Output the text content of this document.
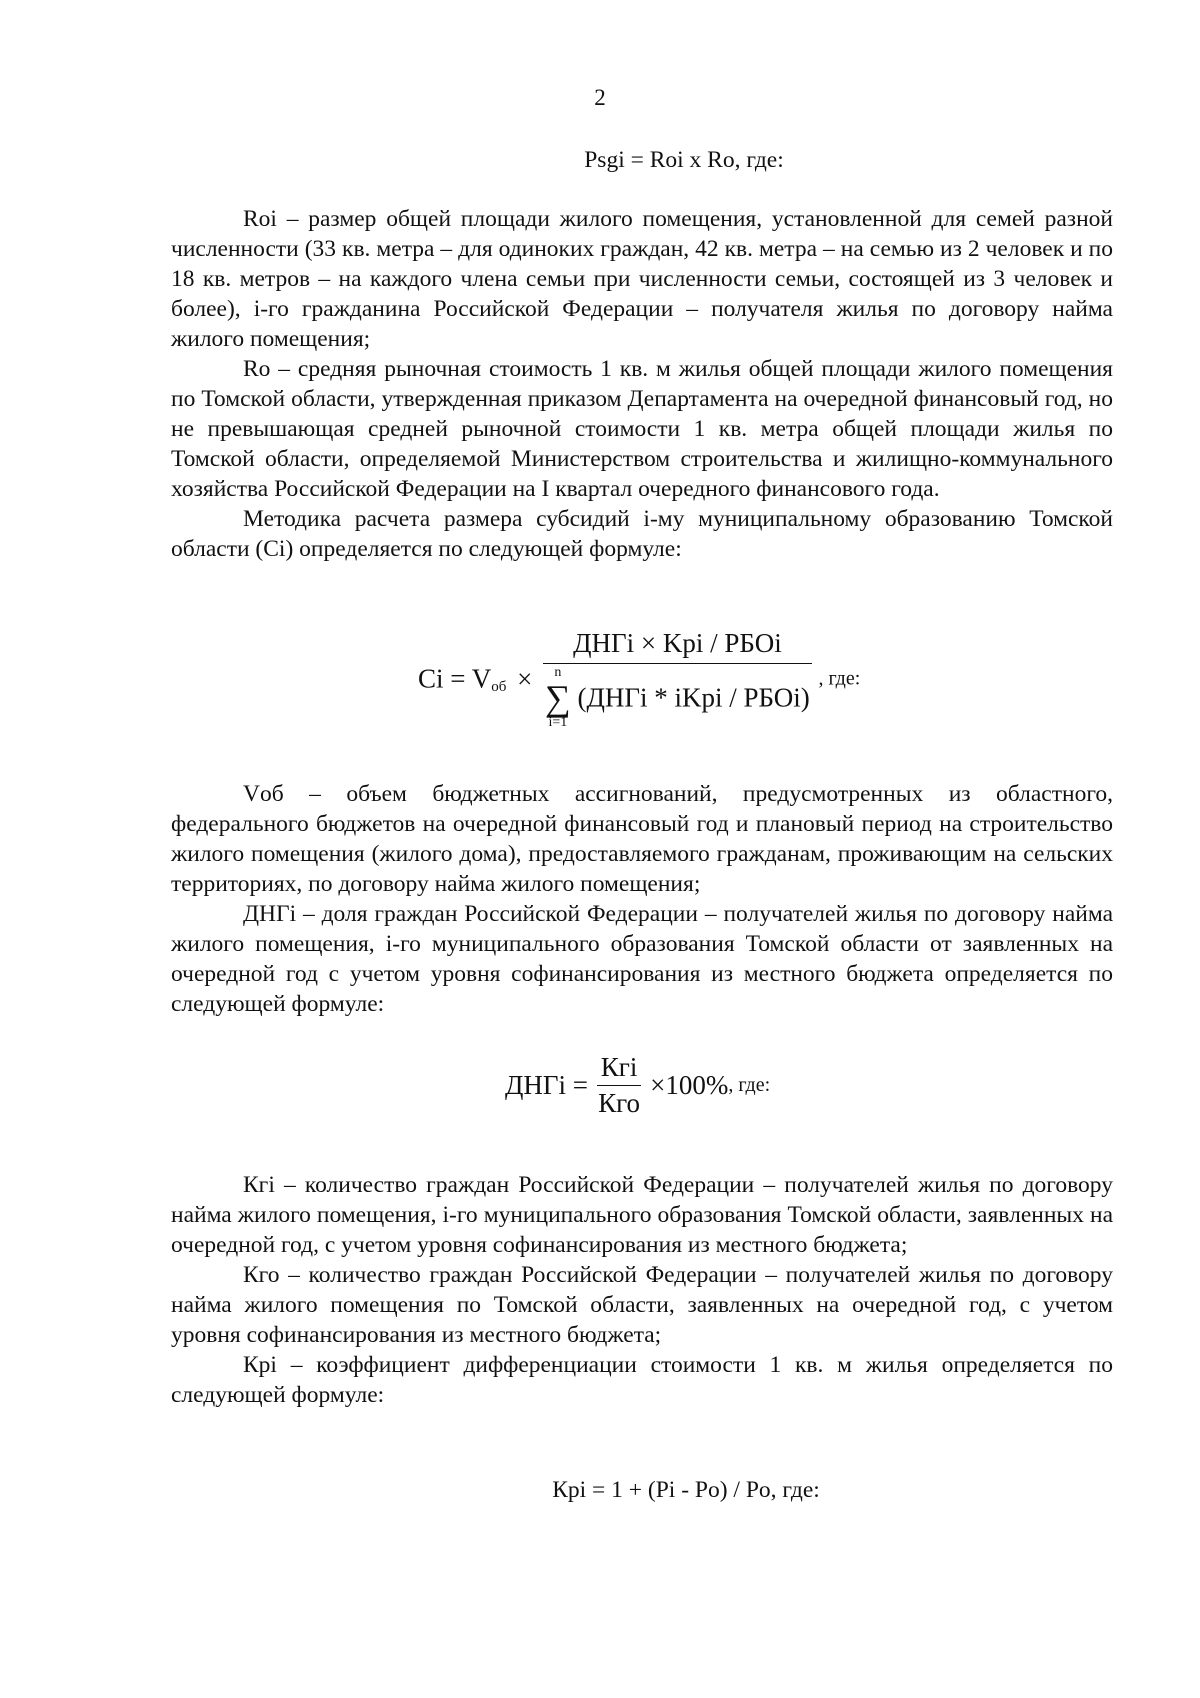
2
Psgi = Roi x Ro, где:

Roi – размер общей площади жилого помещения, установленной для семей разной численности (33 кв. метра – для одиноких граждан, 42 кв. метра – на семью из 2 человек и по 18 кв. метров – на каждого члена семьи при численности семьи, состоящей из 3 человек и более), i-го гражданина Российской Федерации – получателя жилья по договору найма жилого помещения;

Ro – средняя рыночная стоимость 1 кв. м жилья общей площади жилого помещения по Томской области, утвержденная приказом Департамента на очередной финансовый год, но не превышающая средней рыночной стоимости 1 кв. метра общей площади жилья по Томской области, определяемой Министерством строительства и жилищно-коммунального хозяйства Российской Федерации на I квартал очередного финансового года.

Методика расчета размера субсидий i-му муниципальному образованию Томской области (Ci) определяется по следующей формуле:

$Ci = V_{об}$ ×
ДНГi × Kpi / РБОi
n
∑
i=1
(ДНГi * iKpi / РБОi)
, где:

Vоб – объем бюджетных ассигнований, предусмотренных из областного, федерального бюджетов на очередной финансовый год и плановый период на строительство жилого помещения (жилого дома), предоставляемого гражданам, проживающим на сельских территориях, по договору найма жилого помещения;

ДНГi – доля граждан Российской Федерации – получателей жилья по договору найма жилого помещения, i-го муниципального образования Томской области от заявленных на очередной год с учетом уровня софинансирования из местного бюджета определяется по следующей формуле:

ДНГi = $\frac{\text{Кгi}}{\text{Кго}} \times 100\%$, где:

Кгi – количество граждан Российской Федерации – получателей жилья по договору найма жилого помещения, i-го муниципального образования Томской области, заявленных на очередной год, с учетом уровня софинансирования из местного бюджета;

Кго – количество граждан Российской Федерации – получателей жилья по договору найма жилого помещения по Томской области, заявленных на очередной год, с учетом уровня софинансирования из местного бюджета;

Кpi – коэффициент дифференциации стоимости 1 кв. м жилья определяется по следующей формуле:

Кpi = 1 + (Pi - Po) / Po, где:
